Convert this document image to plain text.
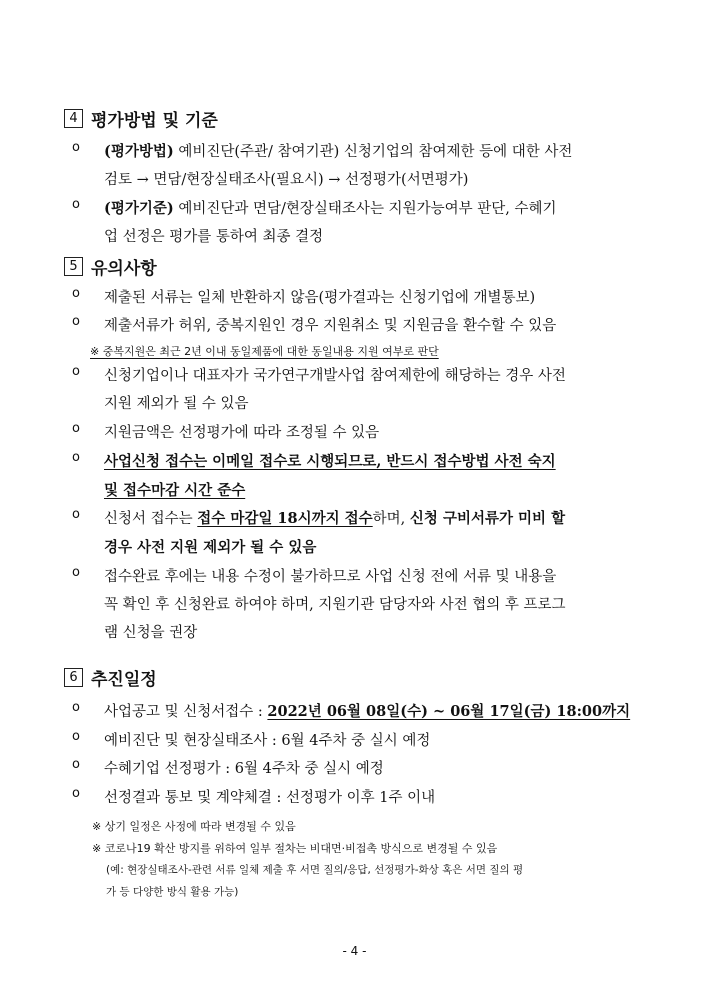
4 평가방법 및 기준
ο (평가방법) 예비진단(주관/ 참여기관) 신청기업의 참여제한 등에 대한 사전
검토 → 면담/현장실태조사(필요시) → 선정평가(서면평가)
ο (평가기준) 예비진단과 면담/현장실태조사는 지원가능여부 판단, 수혜기
업 선정은 평가를 통하여 최종 결정
5 유의사항
ο 제출된 서류는 일체 반환하지 않음(평가결과는 신청기업에 개별통보)
ο 제출서류가 허위, 중복지원인 경우 지원취소 및 지원금을 환수할 수 있음
※ 중복지원은 최근 2년 이내 동일제품에 대한 동일내용 지원 여부로 판단
ο 신청기업이나 대표자가 국가연구개발사업 참여제한에 해당하는 경우 사전
지원 제외가 될 수 있음
ο 지원금액은 선정평가에 따라 조정될 수 있음
ο 사업신청 접수는 이메일 접수로 시행되므로, 반드시 접수방법 사전 숙지
및 접수마감 시간 준수
ο 신청서 접수는 접수 마감일 18시까지 접수하며, 신청 구비서류가 미비 할
경우 사전 지원 제외가 될 수 있음
ο 접수완료 후에는 내용 수정이 불가하므로 사업 신청 전에 서류 및 내용을
꼭 확인 후 신청완료 하여야 하며, 지원기관 담당자와 사전 협의 후 프로그
램 신청을 권장
6 추진일정
ο 사업공고 및 신청서접수 : 2022년 06월 08일(수) ~ 06월 17일(금) 18:00까지
ο 예비진단 및 현장실태조사 : 6월 4주차 중 실시 예정
ο 수혜기업 선정평가 : 6월 4주차 중 실시 예정
ο 선정결과 통보 및 계약체결 : 선정평가 이후 1주 이내
※ 상기 일정은 사정에 따라 변경될 수 있음
※ 코로나19 확산 방지를 위하여 일부 절차는 비대면·비접촉 방식으로 변경될 수 있음
(예: 현장실태조사-관련 서류 일체 제출 후 서면 질의/응답, 선정평가-화상 혹은 서면 질의 평
가 등 다양한 방식 활용 가능)
- 4 -
